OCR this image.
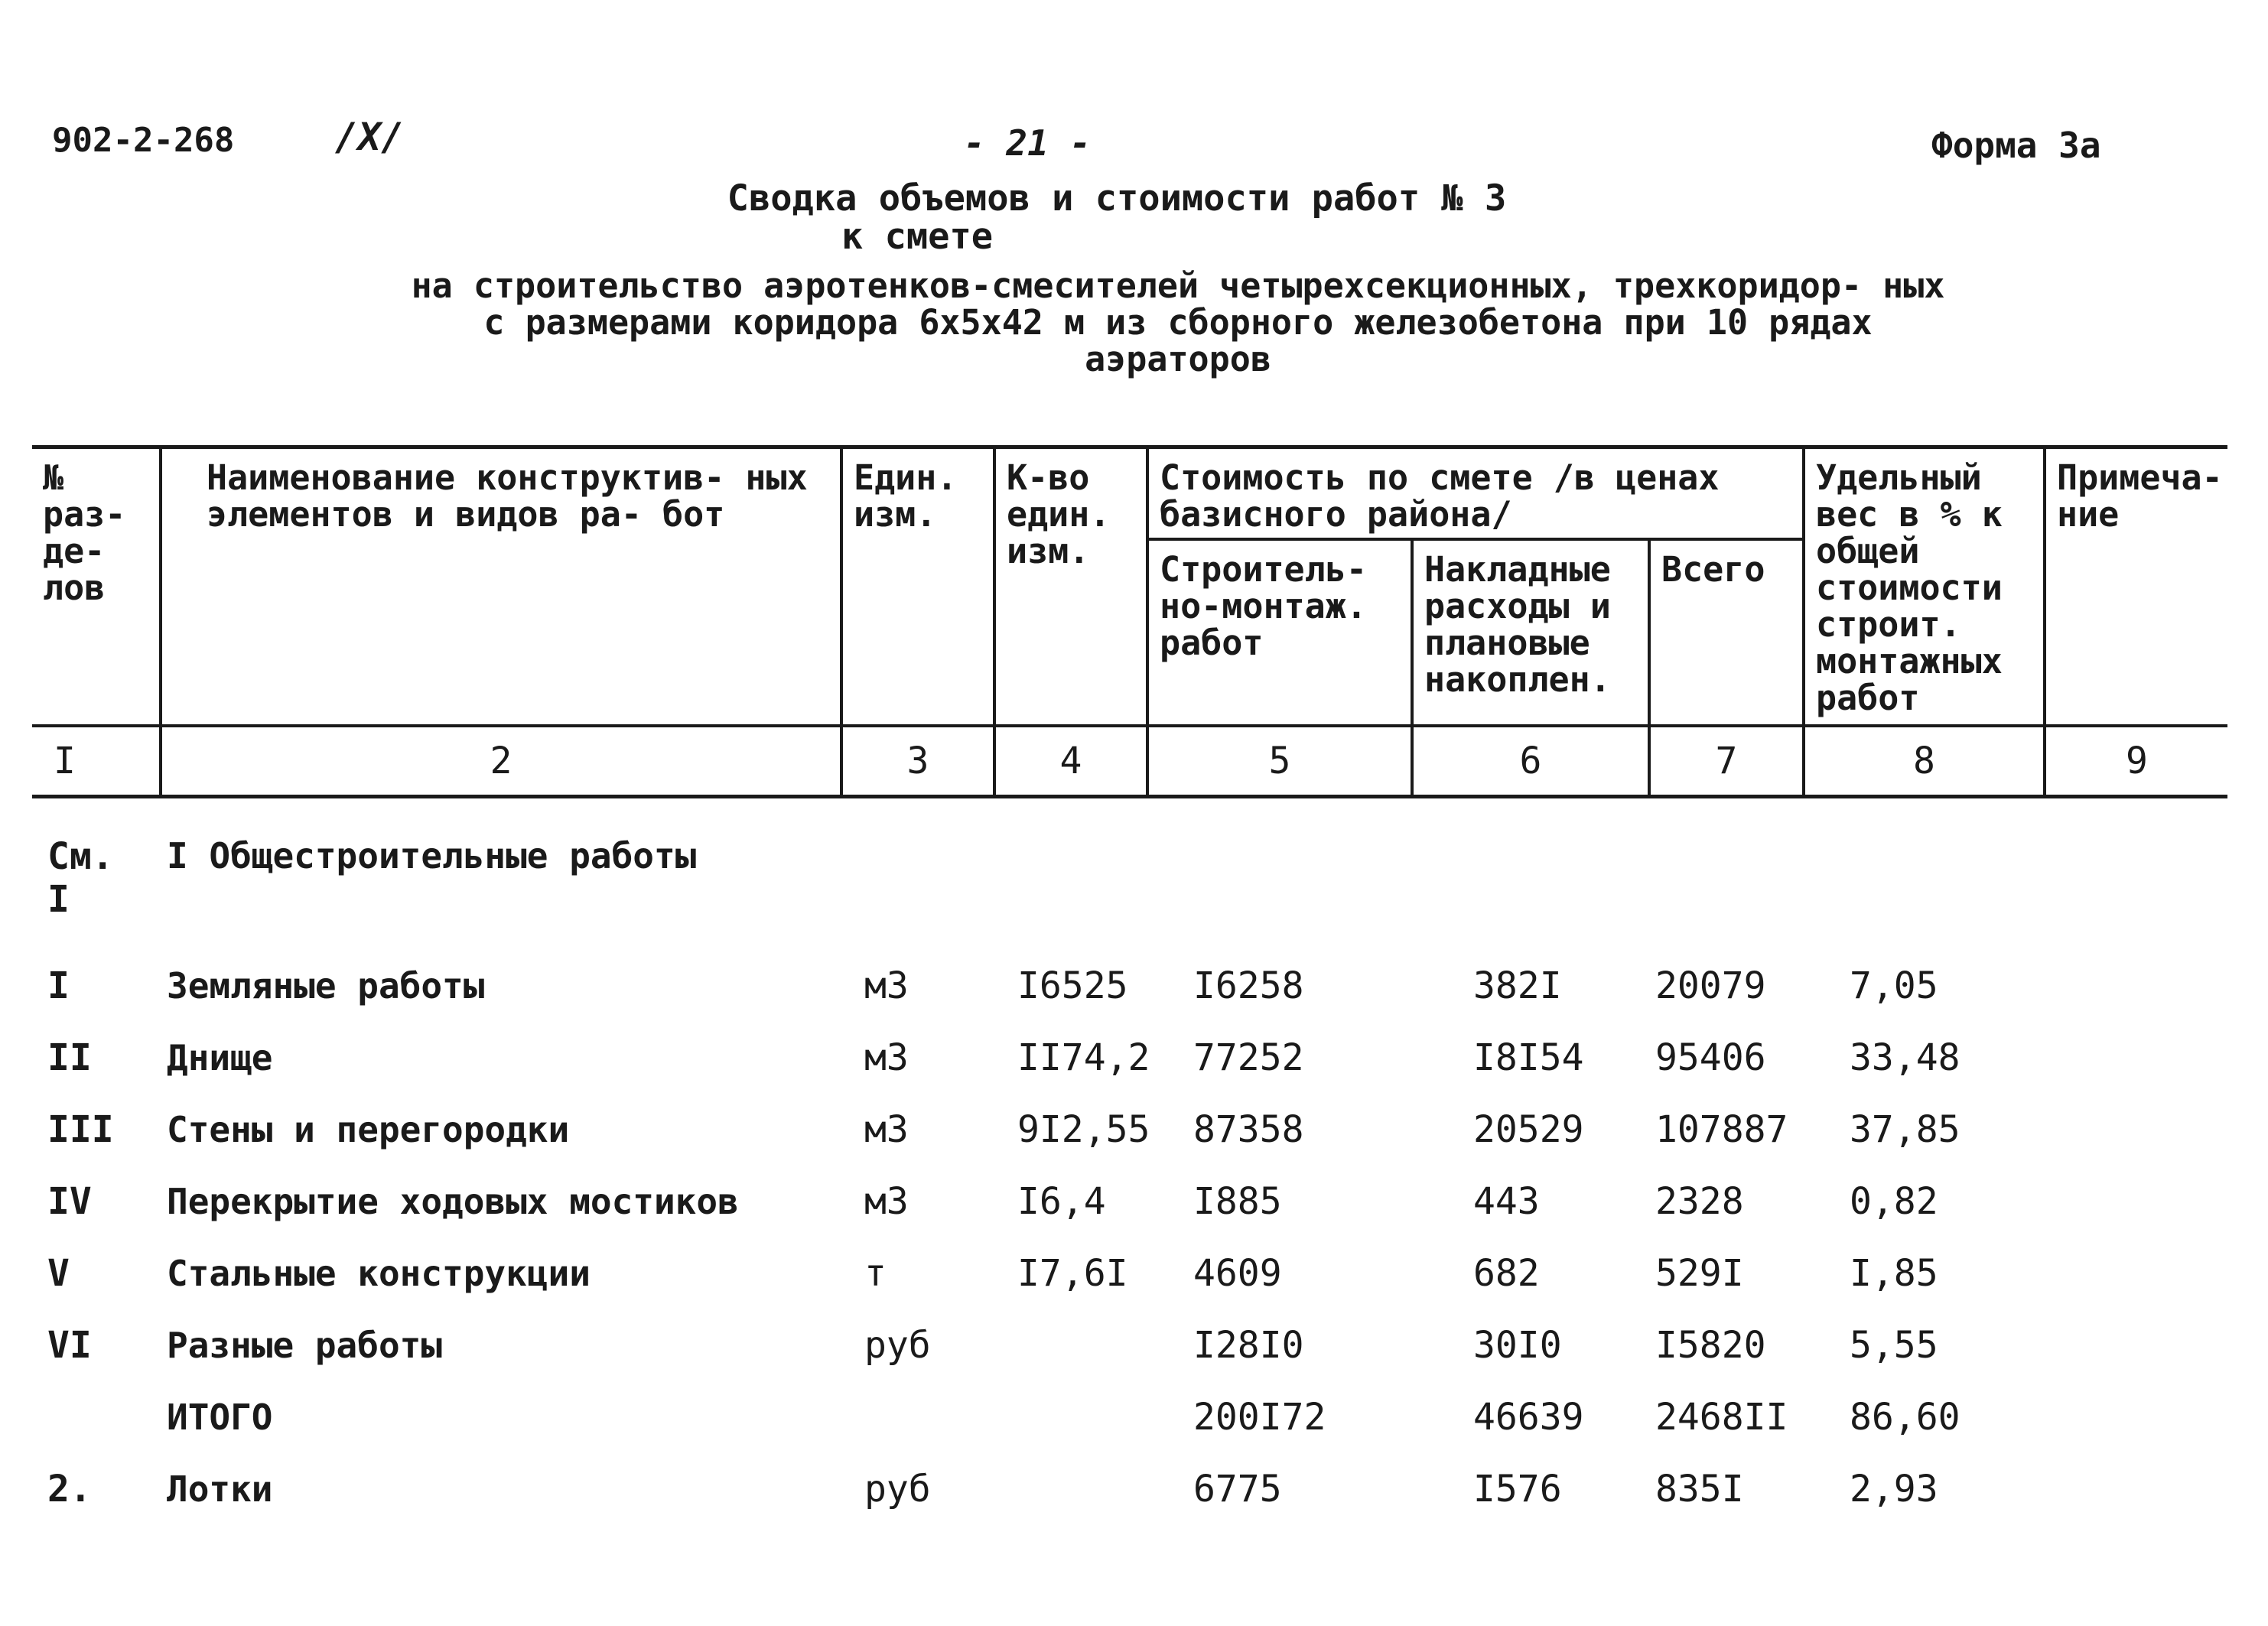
902-2-268	/X/	- 21 -	Форма За
Сводка объемов и стоимости работ № 3
к смете
на строительство аэротенков-смесителей четырехсекционных, трехкоридор- ных с размерами коридора 6х5х42 м из сборного железобетона при 10 рядах аэраторов
№ раз- де- лов	Наименование конструктив- ных элементов и видов ра- бот	Един. изм.	К-во един. изм.	Стоимость по смете /в ценах базисного района/			Удельный вес в % к общей стоимости строит. монтажных работ	Примеча- ние
				Строитель- но-монтаж. работ	Накладные расходы и плановые накоплен.	Всего		
I	2	3	4	5	6	7	8	9
См. I	I Общестроительные работы							
I	Земляные работы	м3	I6525	I6258	382I	20079	7,05	
II	Днище	м3	II74,2	77252	I8I54	95406	33,48	
III	Стены и перегородки	м3	9I2,55	87358	20529	107887	37,85	
IV	Перекрытие ходовых мостиков	м3	I6,4	I885	443	2328	0,82	
V	Стальные конструкции	т	I7,6I	4609	682	529I	I,85	
VI	Разные работы	руб		I28I0	30I0	I5820	5,55	
	ИТОГО			200I72	46639	2468II	86,60	
2.	Лотки	руб		6775	I576	835I	2,93	
